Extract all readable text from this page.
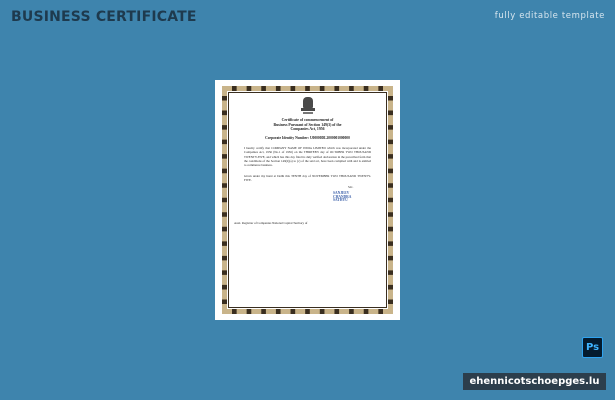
BUSINESS CERTIFICATE	fully editable template
Certificate of commencement of
Business Pursuant of Section 149(3) of the
Companies Act, 1956
Corporate Identity Number: U00000DL2000001000000
I hereby certify that COMPANY NAME OF INDIA LIMITED which was incorporated under the Companies Act, 1956 (No.1 of 1956) on the THIRTEEN day of OCTOBER TWO THOUSAND TWENTY-FIVE, and which has this day filed its duly verified declaration in the prescribed form that the conditions of the Section 149(2)(a) to (c) of the said act, have been complied with and is entitled to commence business.
Given under my hand at Delhi this TENTH day of NOVEMBER TWO THOUSAND TWENTY-FIVE.
Sd/-
SANJEEV
CHANDRA
SATHYU
Asstt. Registrar of Companies National Capital Territory of
Ps
ehennicotschoepges.lu
